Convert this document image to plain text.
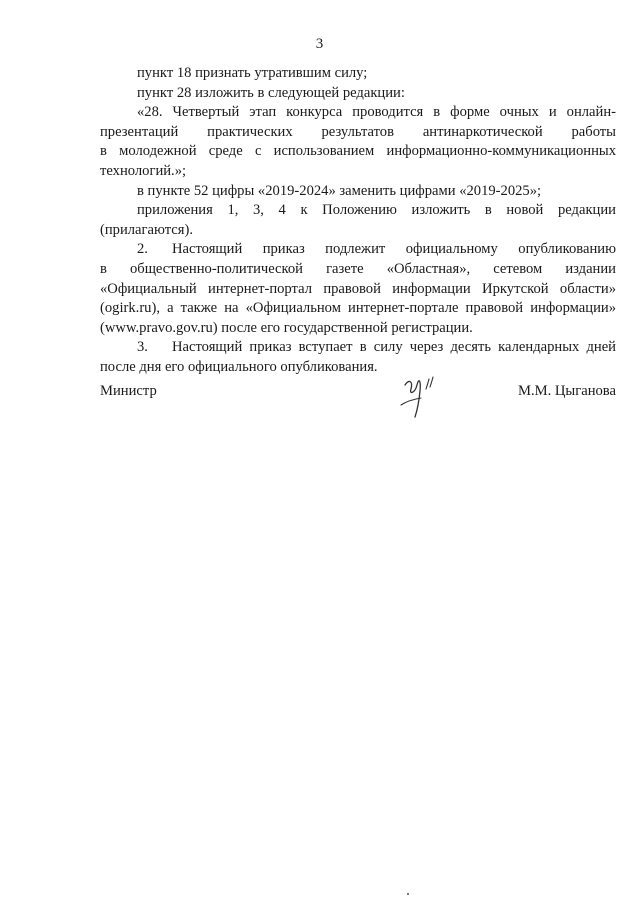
3

пункт 18 признать утратившим силу;

пункт 28 изложить в следующей редакции:

«28. Четвертый этап конкурса проводится в форме очных и онлайн-

презентаций практических результатов антинаркотической работы

в молодежной среде с использованием информационно-коммуникационных

технологий.»;

в пункте 52 цифры «2019-2024» заменить цифрами «2019-2025»;

приложения 1, 3, 4 к Положению изложить в новой редакции

(прилагаются).

2. Настоящий приказ подлежит официальному опубликованию

в общественно-политической газете «Областная», сетевом издании

«Официальный интернет-портал правовой информации Иркутской области»

(ogirk.ru), а также на «Официальном интернет-портале правовой информации»

(www.pravo.gov.ru) после его государственной регистрации.

3. Настоящий приказ вступает в силу через десять календарных дней

после дня его официального опубликования.

Министр	М.М. Цыганова
